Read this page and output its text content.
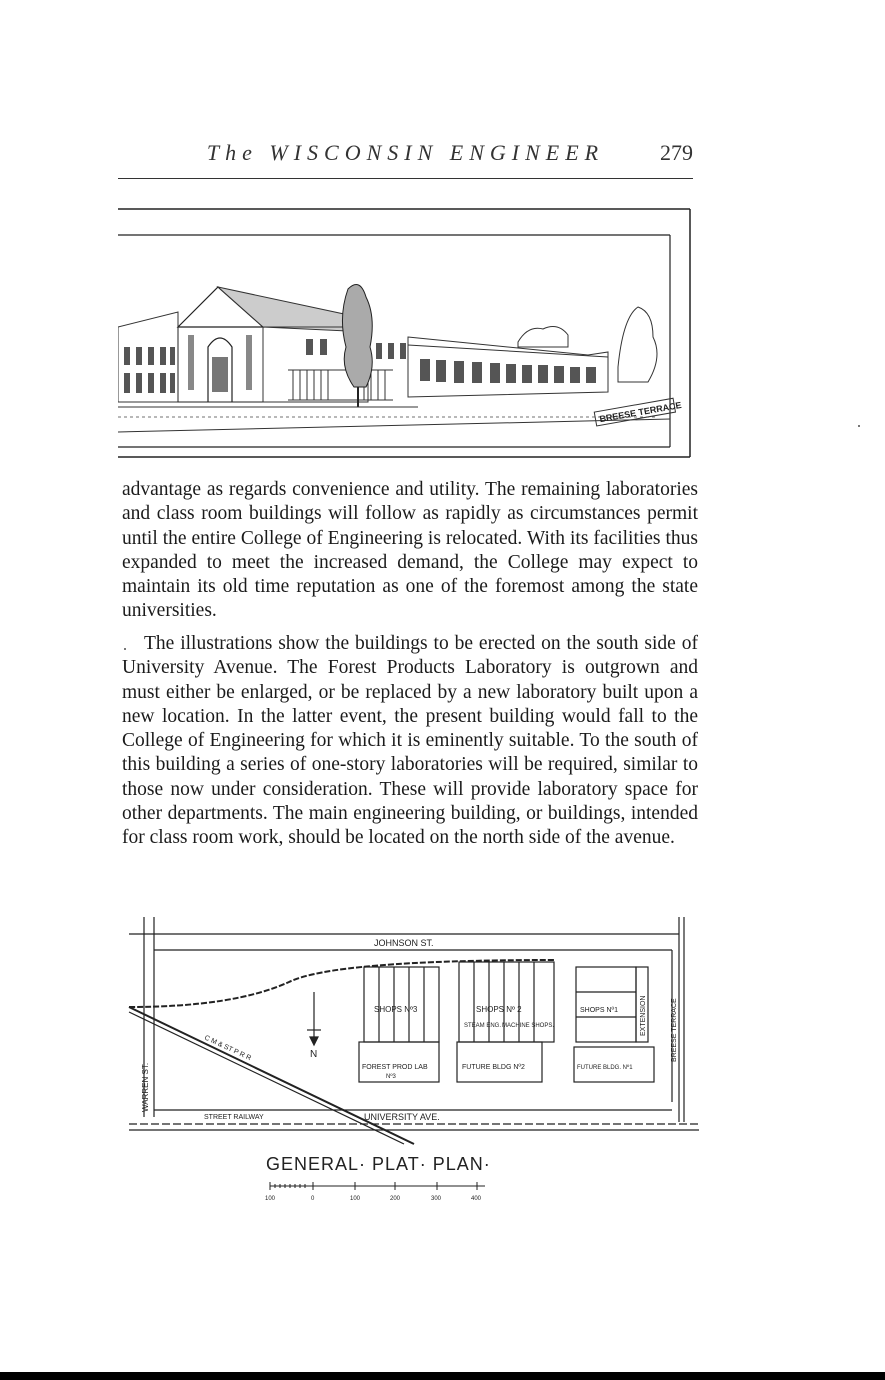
The WISCONSIN ENGINEER	279
BREESE TERRACE
advantage as regards convenience and utility. The remaining laboratories and class room buildings will follow as rapidly as circumstances permit until the entire College of Engineering is relocated. With its facilities thus expanded to meet the increased demand, the College may expect to maintain its old time reputation as one of the foremost among the state universities.
The illustrations show the buildings to be erected on the south side of University Avenue. The Forest Products Laboratory is outgrown and must either be enlarged, or be replaced by a new laboratory built upon a new location. In the latter event, the present building would fall to the College of Engineering for which it is eminently suitable. To the south of this building a series of one-story laboratories will be required, similar to those now under consideration. These will provide laboratory space for other departments. The main engineering building, or buildings, intended for class room work, should be located on the north side of the avenue.
JOHNSON ST.
WARREN ST.
BREESE TERRACE
UNIVERSITY AVE.
STREET RAILWAY
C M & ST P R R	N
SHOPS Nº3	SHOPS Nº 2
STEAM ENG. MACHINE SHOPS.
SHOPS Nº1	EXTENSION
FOREST PROD LAB
Nº3
FUTURE BLDG Nº2	FUTURE BLDG. Nº1
GENERAL· PLAT· PLAN·
100	0	100	200	300	400
